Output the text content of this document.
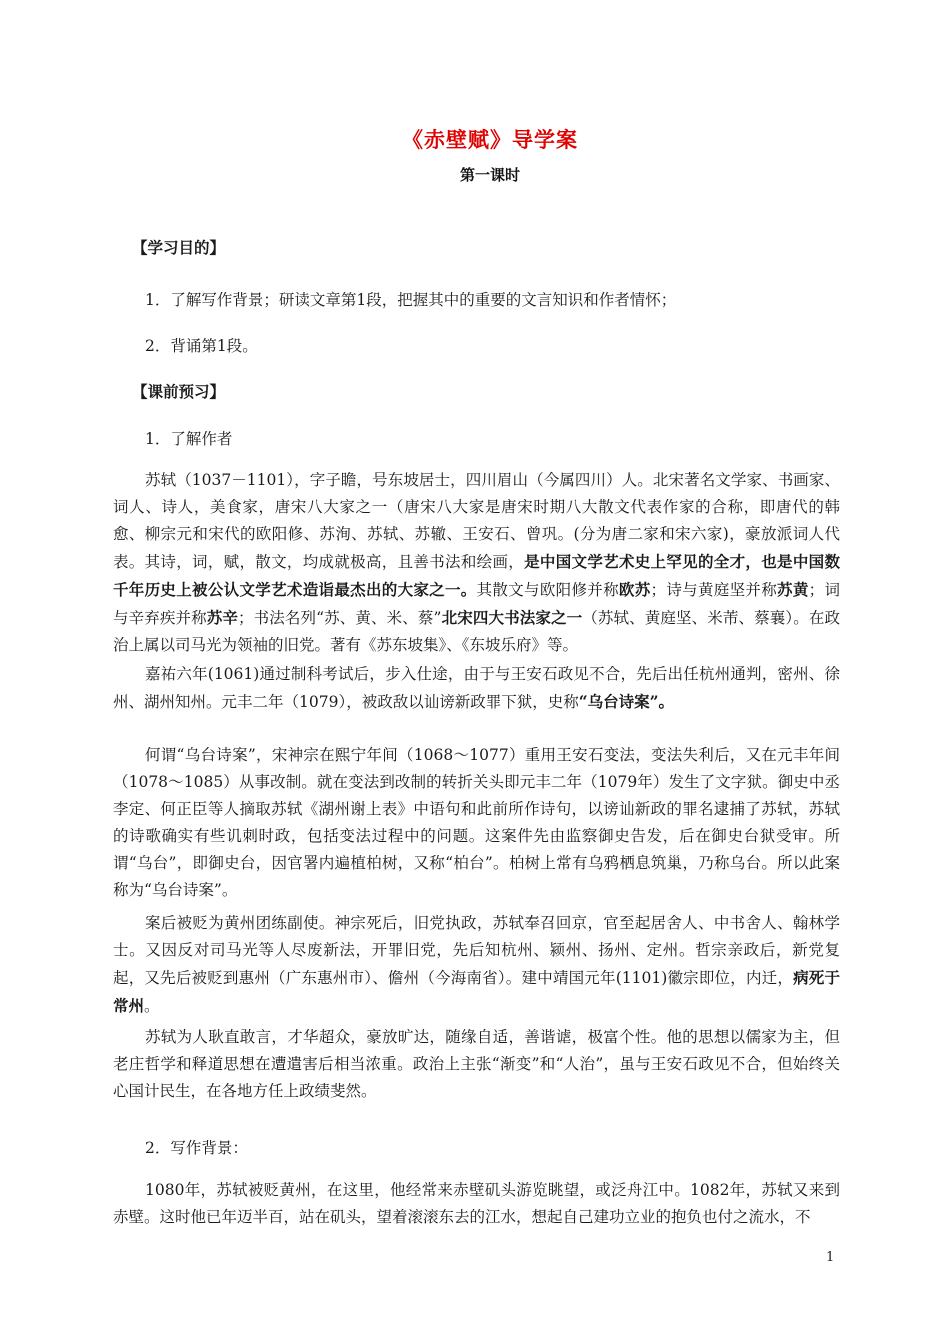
《赤壁赋》导学案
第一课时
【学习目的】
1．了解写作背景；研读文章第1段，把握其中的重要的文言知识和作者情怀；
2．背诵第1段。
【课前预习】
1．了解作者
苏轼（1037－1101），字子瞻，号东坡居士，四川眉山（今属四川）人。北宋著名文学家、书画家、词人、诗人，美食家，唐宋八大家之一（唐宋八大家是唐宋时期八大散文代表作家的合称，即唐代的韩愈、柳宗元和宋代的欧阳修、苏洵、苏轼、苏辙、王安石、曾巩。(分为唐二家和宋六家)，豪放派词人代表。其诗，词，赋，散文，均成就极高，且善书法和绘画，是中国文学艺术史上罕见的全才，也是中国数千年历史上被公认文学艺术造诣最杰出的大家之一。其散文与欧阳修并称欧苏；诗与黄庭坚并称苏黄；词与辛弃疾并称苏辛；书法名列“苏、黄、米、蔡”北宋四大书法家之一（苏轼、黄庭坚、米芾、蔡襄）。在政治上属以司马光为领袖的旧党。著有《苏东坡集》、《东坡乐府》等。
嘉祐六年(1061)通过制科考试后，步入仕途，由于与王安石政见不合，先后出任杭州通判，密州、徐州、湖州知州。元丰二年（1079），被政敌以讪谤新政罪下狱，史称“乌台诗案”。
何谓“乌台诗案”，宋神宗在熙宁年间（1068～1077）重用王安石变法，变法失利后，又在元丰年间（1078～1085）从事改制。就在变法到改制的转折关头即元丰二年（1079年）发生了文字狱。御史中丞李定、何正臣等人摘取苏轼《湖州谢上表》中语句和此前所作诗句，以谤讪新政的罪名逮捕了苏轼，苏轼的诗歌确实有些讥刺时政，包括变法过程中的问题。这案件先由监察御史告发，后在御史台狱受审。所谓“乌台”，即御史台，因官署内遍植柏树，又称“柏台”。柏树上常有乌鸦栖息筑巢，乃称乌台。所以此案称为“乌台诗案”。
案后被贬为黄州团练副使。神宗死后，旧党执政，苏轼奉召回京，官至起居舍人、中书舍人、翰林学士。又因反对司马光等人尽废新法，开罪旧党，先后知杭州、颍州、扬州、定州。哲宗亲政后，新党复起，又先后被贬到惠州（广东惠州市）、儋州（今海南省）。建中靖国元年(1101)徽宗即位，内迁，病死于常州。
苏轼为人耿直敢言，才华超众，豪放旷达，随缘自适，善谐谑，极富个性。他的思想以儒家为主，但老庄哲学和释道思想在遭遣害后相当浓重。政治上主张“渐变”和“人治”，虽与王安石政见不合，但始终关心国计民生，在各地方任上政绩斐然。
2．写作背景：
1080年，苏轼被贬黄州，在这里，他经常来赤壁矶头游览眺望，或泛舟江中。1082年，苏轼又来到赤壁。这时他已年迈半百，站在矶头，望着滚滚东去的江水，想起自己建功立业的抱负也付之流水，不
1
